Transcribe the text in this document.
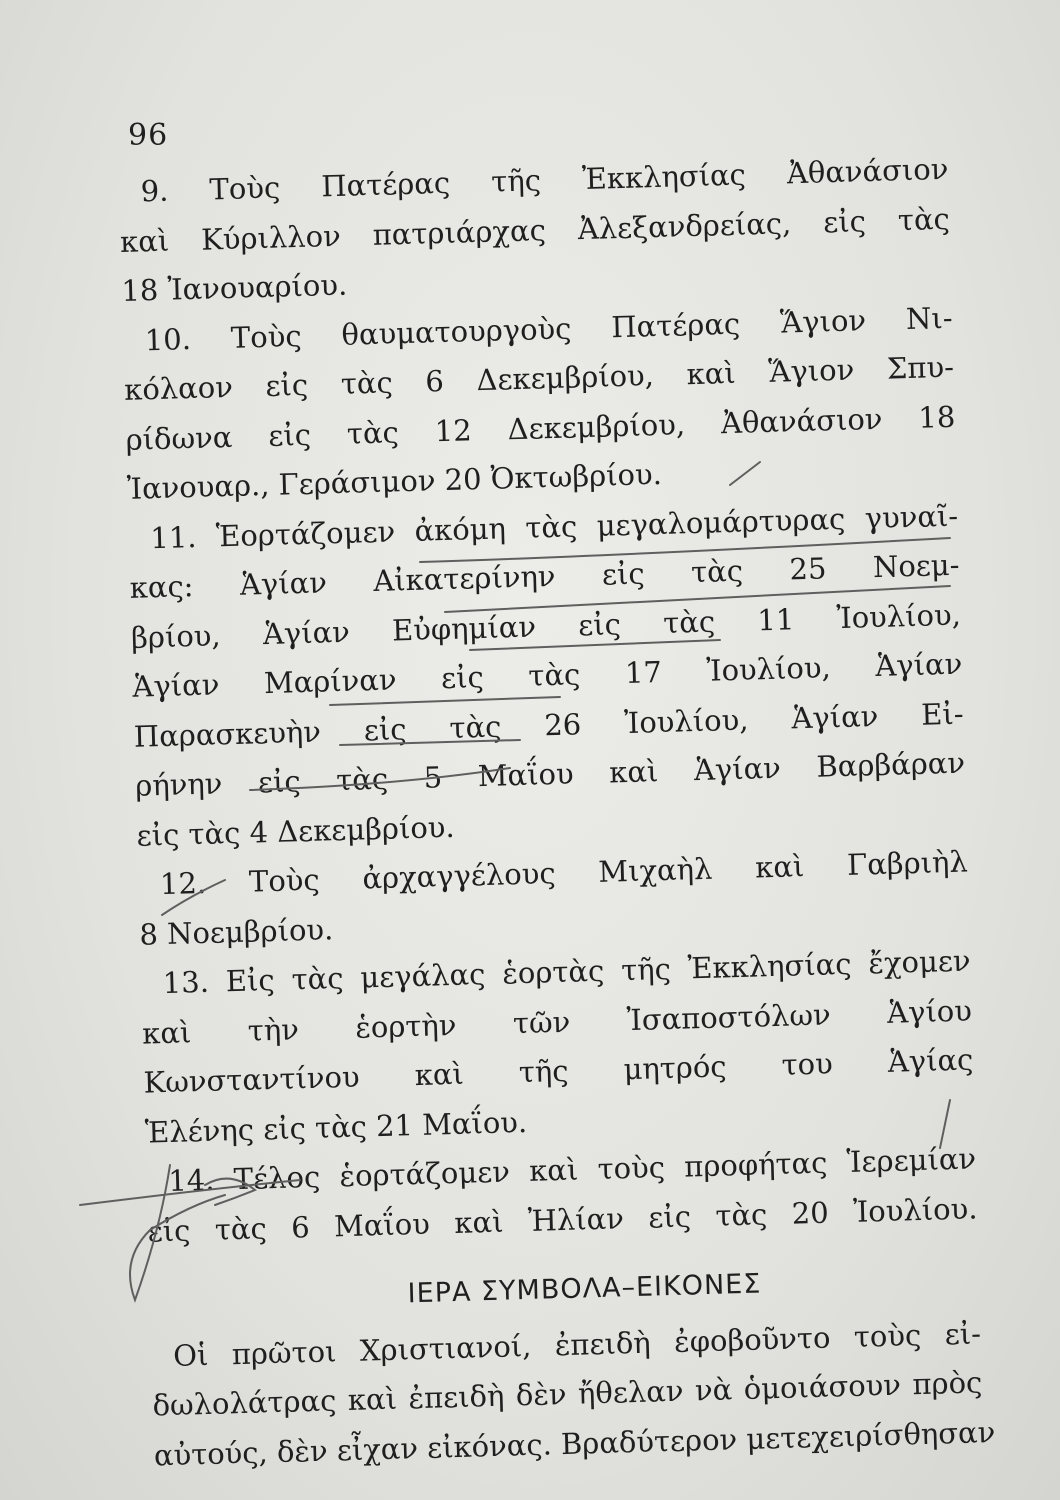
96
9. Τοὺς Πατέρας τῆς Ἐκκλησίας Ἀθανάσιον
καὶ Κύριλλον πατριάρχας Ἀλεξανδρείας, εἰς τὰς
18 Ἰανουαρίου.
10. Τοὺς θαυματουργοὺς Πατέρας Ἅγιον Νι-
κόλαον εἰς τὰς 6 Δεκεμβρίου, καὶ Ἅγιον Σπυ-
ρίδωνα εἰς τὰς 12 Δεκεμβρίου, Ἀθανάσιον 18
Ἰανουαρ., Γεράσιμον 20 Ὀκτωβρίου.
11. Ἑορτάζομεν ἀκόμη τὰς μεγαλομάρτυρας γυναῖ-
κας: Ἁγίαν Αἰκατερίνην εἰς τὰς 25 Νοεμ-
βρίου, Ἁγίαν Εὐφημίαν εἰς τὰς 11 Ἰουλίου,
Ἁγίαν Μαρίναν εἰς τὰς 17 Ἰουλίου, Ἁγίαν
Παρασκευὴν εἰς τὰς 26 Ἰουλίου, Ἁγίαν Εἰ-
ρήνην εἰς τὰς 5 Μαΐου καὶ Ἁγίαν Βαρβάραν
εἰς τὰς 4 Δεκεμβρίου.
12. Τοὺς ἀρχαγγέλους Μιχαὴλ καὶ Γαβριὴλ
8 Νοεμβρίου.
13. Εἰς τὰς μεγάλας ἑορτὰς τῆς Ἐκκλησίας ἔχομεν
καὶ τὴν ἑορτὴν τῶν Ἰσαποστόλων Ἁγίου
Κωνσταντίνου καὶ τῆς μητρός του Ἁγίας
Ἑλένης εἰς τὰς 21 Μαΐου.
14. Τέλος ἑορτάζομεν καὶ τοὺς προφήτας Ἱερεμίαν
εἰς τὰς 6 Μαΐου καὶ Ἠλίαν εἰς τὰς 20 Ἰουλίου.
ΙΕΡΑ ΣΥΜΒΟΛΑ–ΕΙΚΟΝΕΣ
Οἱ πρῶτοι Χριστιανοί, ἐπειδὴ ἐφοβοῦντο τοὺς εἰ-
δωλολάτρας καὶ ἐπειδὴ δὲν ἤθελαν νὰ ὁμοιάσουν πρὸς
αὐτούς, δὲν εἶχαν εἰκόνας. Βραδύτερον μετεχειρίσθησαν
